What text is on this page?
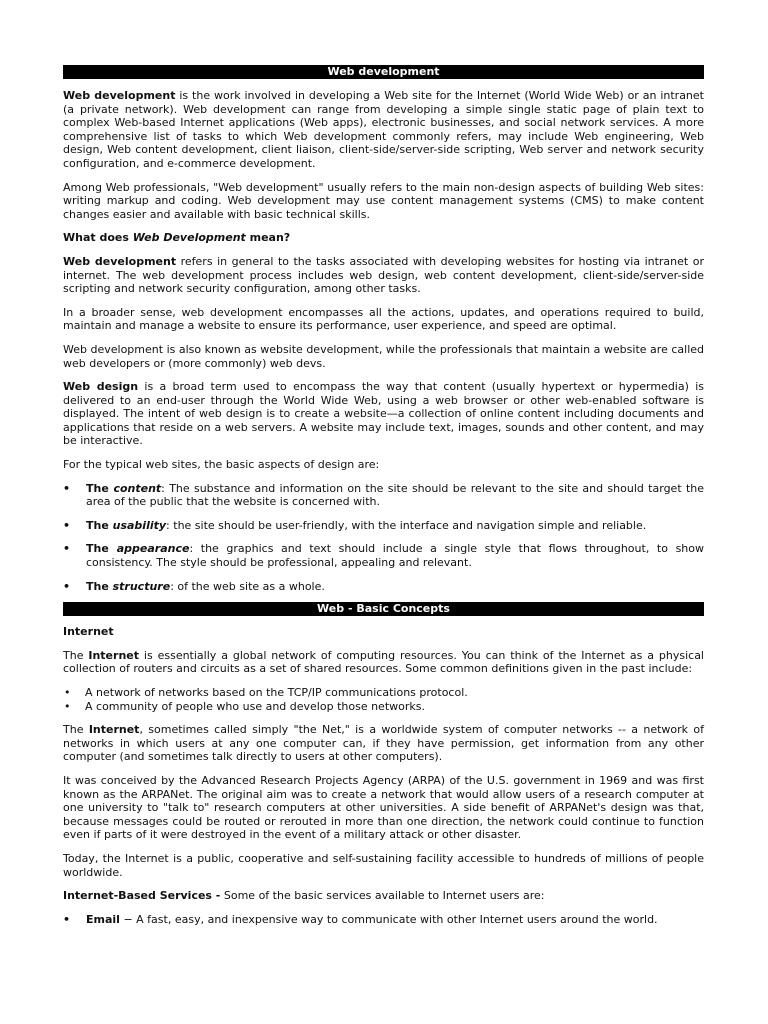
Web development

Web development is the work involved in developing a Web site for the Internet (World Wide Web) or an intranet (a private network). Web development can range from developing a simple single static page of plain text to complex Web-based Internet applications (Web apps), electronic businesses, and social network services. A more comprehensive list of tasks to which Web development commonly refers, may include Web engineering, Web design, Web content development, client liaison, client-side/server-side scripting, Web server and network security configuration, and e-commerce development.

Among Web professionals, "Web development" usually refers to the main non-design aspects of building Web sites: writing markup and coding. Web development may use content management systems (CMS) to make content changes easier and available with basic technical skills.

What does Web Development mean?

Web development refers in general to the tasks associated with developing websites for hosting via intranet or internet. The web development process includes web design, web content development, client-side/server-side scripting and network security configuration, among other tasks.

In a broader sense, web development encompasses all the actions, updates, and operations required to build, maintain and manage a website to ensure its performance, user experience, and speed are optimal.

Web development is also known as website development, while the professionals that maintain a website are called web developers or (more commonly) web devs.

Web design is a broad term used to encompass the way that content (usually hypertext or hypermedia) is delivered to an end-user through the World Wide Web, using a web browser or other web-enabled software is displayed. The intent of web design is to create a website—a collection of online content including documents and applications that reside on a web servers. A website may include text, images, sounds and other content, and may be interactive.

For the typical web sites, the basic aspects of design are:

• The content: The substance and information on the site should be relevant to the site and should target the area of the public that the website is concerned with.
• The usability: the site should be user-friendly, with the interface and navigation simple and reliable.
• The appearance: the graphics and text should include a single style that flows throughout, to show consistency. The style should be professional, appealing and relevant.
• The structure: of the web site as a whole.
Web - Basic Concepts

Internet

The Internet is essentially a global network of computing resources. You can think of the Internet as a physical collection of routers and circuits as a set of shared resources. Some common definitions given in the past include:

• A network of networks based on the TCP/IP communications protocol.
• A community of people who use and develop those networks.

The Internet, sometimes called simply "the Net," is a worldwide system of computer networks -- a network of networks in which users at any one computer can, if they have permission, get information from any other computer (and sometimes talk directly to users at other computers).

It was conceived by the Advanced Research Projects Agency (ARPA) of the U.S. government in 1969 and was first known as the ARPANet. The original aim was to create a network that would allow users of a research computer at one university to "talk to" research computers at other universities. A side benefit of ARPANet's design was that, because messages could be routed or rerouted in more than one direction, the network could continue to function even if parts of it were destroyed in the event of a military attack or other disaster.

Today, the Internet is a public, cooperative and self-sustaining facility accessible to hundreds of millions of people worldwide.

Internet-Based Services - Some of the basic services available to Internet users are:

• Email − A fast, easy, and inexpensive way to communicate with other Internet users around the world.
